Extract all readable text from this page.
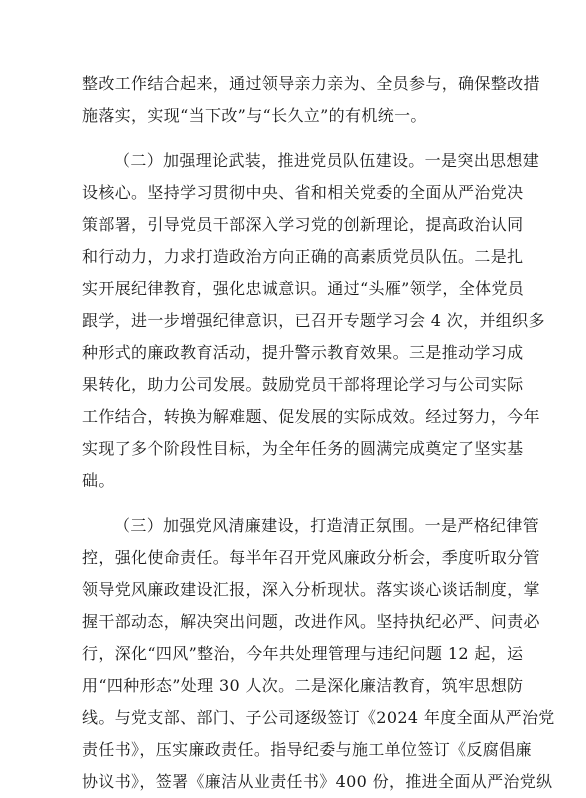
整改工作结合起来，通过领导亲力亲为、全员参与，确保整改措
施落实，实现“当下改”与“长久立”的有机统一。
（二）加强理论武装，推进党员队伍建设。一是突出思想建
设核心。坚持学习贯彻中央、省和相关党委的全面从严治党决
策部署，引导党员干部深入学习党的创新理论，提高政治认同
和行动力，力求打造政治方向正确的高素质党员队伍。二是扎
实开展纪律教育，强化忠诚意识。通过“头雁”领学，全体党员
跟学，进一步增强纪律意识，已召开专题学习会 4 次，并组织多
种形式的廉政教育活动，提升警示教育效果。三是推动学习成
果转化，助力公司发展。鼓励党员干部将理论学习与公司实际
工作结合，转换为解难题、促发展的实际成效。经过努力，今年
实现了多个阶段性目标，为全年任务的圆满完成奠定了坚实基
础。
（三）加强党风清廉建设，打造清正氛围。一是严格纪律管
控，强化使命责任。每半年召开党风廉政分析会，季度听取分管
领导党风廉政建设汇报，深入分析现状。落实谈心谈话制度，掌
握干部动态，解决突出问题，改进作风。坚持执纪必严、问责必
行，深化“四风”整治，今年共处理管理与违纪问题 12 起，运
用“四种形态”处理 30 人次。二是深化廉洁教育，筑牢思想防
线。与党支部、部门、子公司逐级签订《2024 年度全面从严治党
责任书》，压实廉政责任。指导纪委与施工单位签订《反腐倡廉
协议书》，签署《廉洁从业责任书》400 份，推进全面从严治党纵
